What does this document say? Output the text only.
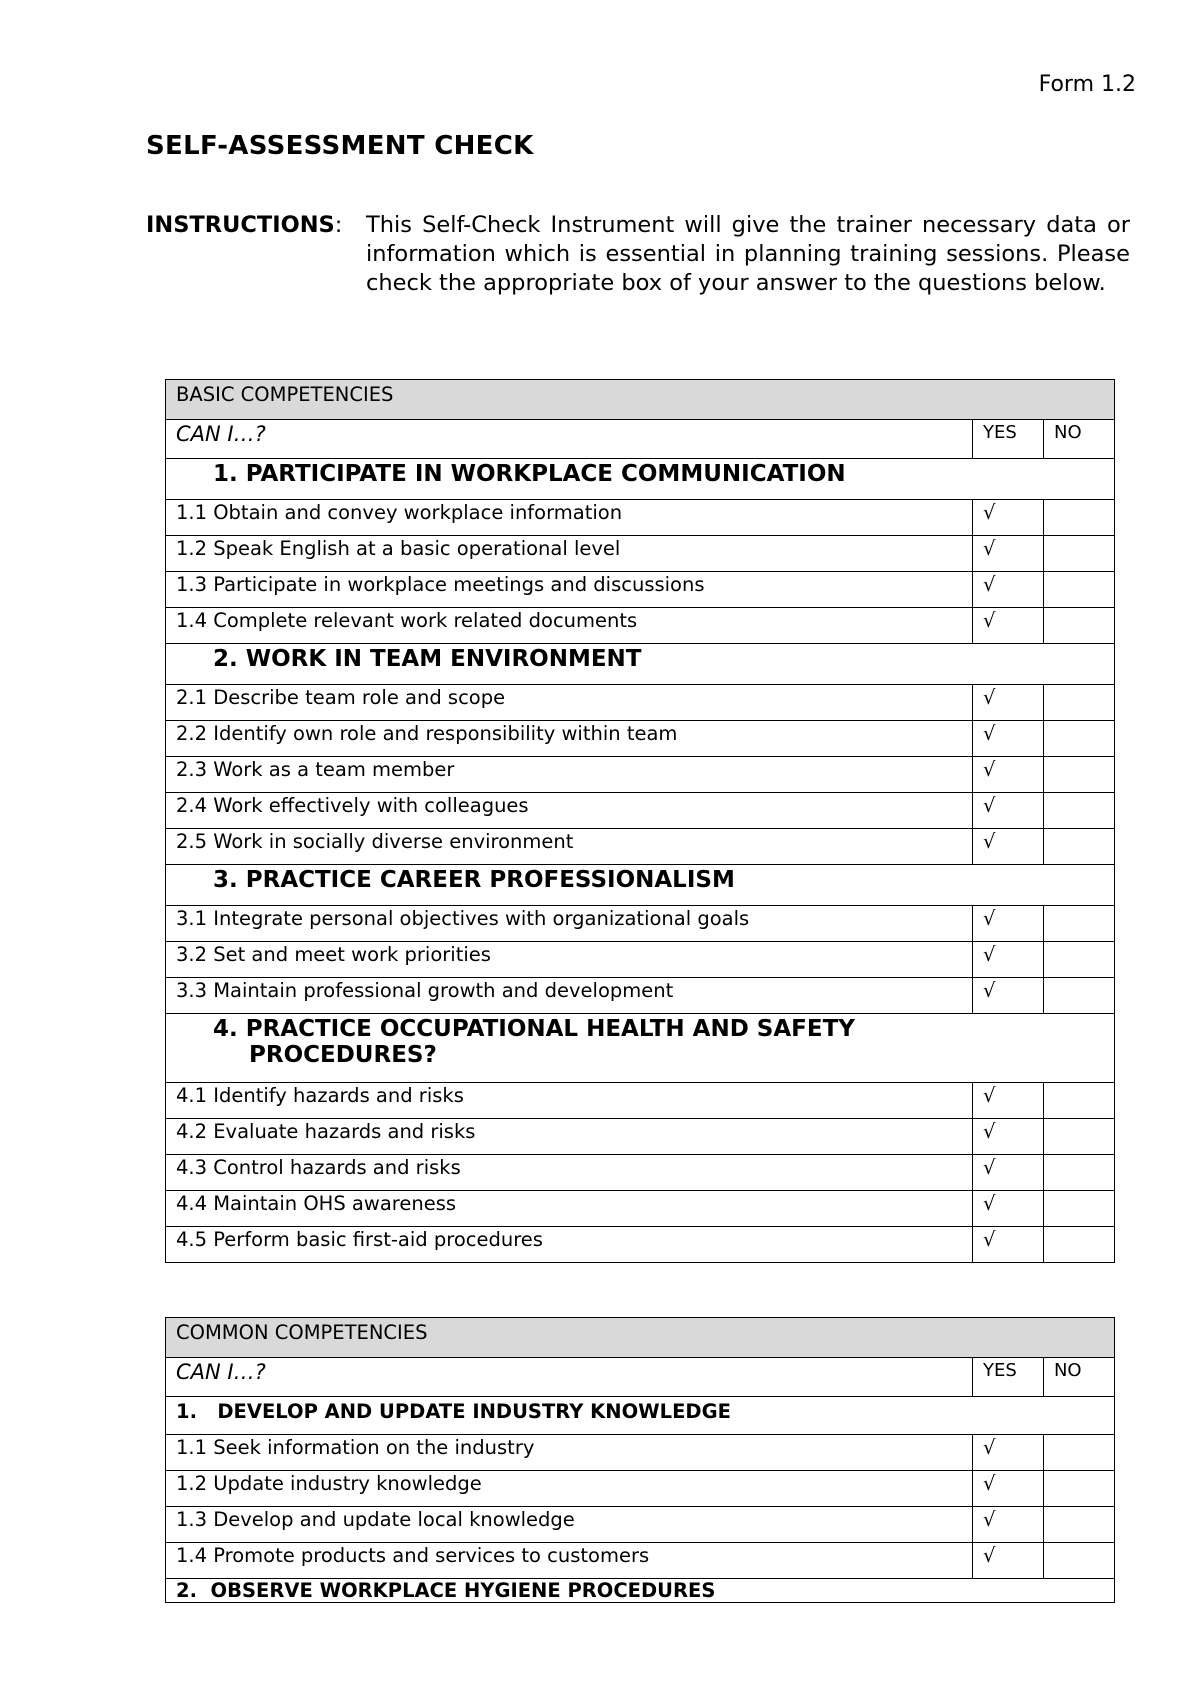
Form 1.2
SELF-ASSESSMENT CHECK
INSTRUCTIONS: This Self-Check Instrument will give the trainer necessary data or information which is essential in planning training sessions. Please check the appropriate box of your answer to the questions below.
BASIC COMPETENCIES		
CAN I…?	YES	NO
1. PARTICIPATE IN WORKPLACE COMMUNICATION		
1.1 Obtain and convey workplace information	√	
1.2 Speak English at a basic operational level	√	
1.3 Participate in workplace meetings and discussions	√	
1.4 Complete relevant work related documents	√	
2. WORK IN TEAM ENVIRONMENT		
2.1 Describe team role and scope	√	
2.2 Identify own role and responsibility within team	√	
2.3 Work as a team member	√	
2.4 Work effectively with colleagues	√	
2.5 Work in socially diverse environment	√	
3. PRACTICE CAREER PROFESSIONALISM		
3.1 Integrate personal objectives with organizational goals	√	
3.2 Set and meet work priorities	√	
3.3 Maintain professional growth and development	√	

4. PRACTICE OCCUPATIONAL HEALTH AND SAFETY
PROCEDURES?		

4.1 Identify hazards and risks	√	
4.2 Evaluate hazards and risks	√	
4.3 Control hazards and risks	√	
4.4 Maintain OHS awareness	√	
4.5 Perform basic first-aid procedures	√	
COMMON COMPETENCIES		
CAN I…?	YES	NO
1.   DEVELOP AND UPDATE INDUSTRY KNOWLEDGE		
1.1 Seek information on the industry	√	
1.2 Update industry knowledge	√	
1.3 Develop and update local knowledge	√	
1.4 Promote products and services to customers	√	
2.  OBSERVE WORKPLACE HYGIENE PROCEDURES		
